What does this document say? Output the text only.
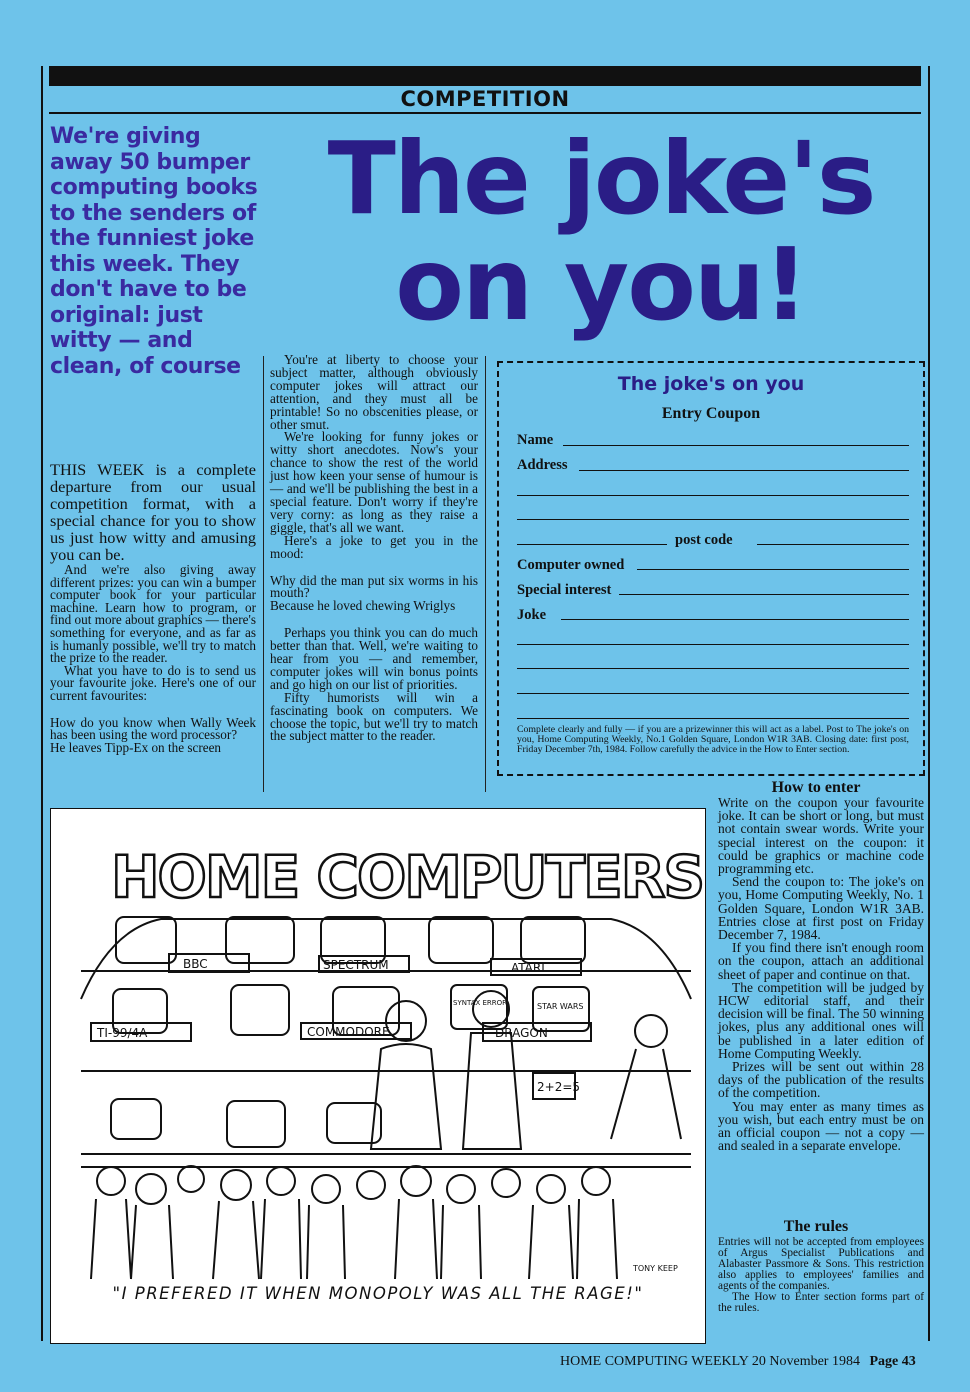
COMPETITION
The joke's
on you!
We're giving away 50 bumper computing books to the senders of the funniest joke this week. They don't have to be original: just witty — and clean, of course

THIS WEEK is a complete departure from our usual competition format, with a special chance for you to show us just how witty and amusing you can be.

And we're also giving away different prizes: you can win a bumper computer book for your particular machine. Learn how to program, or find out more about graphics — there's something for everyone, and as far as is humanly possible, we'll try to match the prize to the reader.

What you have to do is to send us your favourite joke. Here's one of our current favourites:

How do you know when Wally Week has been using the word processor?

He leaves Tipp-Ex on the screen

You're at liberty to choose your subject matter, although obviously computer jokes will attract our attention, and they must all be printable! So no obscenities please, or other smut.

We're looking for funny jokes or witty short anecdotes. Now's your chance to show the rest of the world just how keen your sense of humour is — and we'll be publishing the best in a special feature. Don't worry if they're very corny: as long as they raise a giggle, that's all we want.

Here's a joke to get you in the mood:

Why did the man put six worms in his mouth?

Because he loved chewing Wriglys

Perhaps you think you can do much better than that. Well, we're waiting to hear from you — and remember, computer jokes will win bonus points and go high on our list of priorities.

Fifty humorists will win a fascinating book on computers. We choose the topic, but we'll try to match the subject matter to the reader.

The joke's on you
Entry Coupon
Name
Address
post code
Computer owned
Special interest
Joke
Complete clearly and fully — if you are a prizewinner this will act as a label. Post to The joke's on you, Home Computing Weekly, No.1 Golden Square, London W1R 3AB. Closing date: first post, Friday December 7th, 1984. Follow carefully the advice in the How to Enter section.
How to enter

Write on the coupon your favourite joke. It can be short or long, but must not contain swear words. Write your special interest on the coupon: it could be graphics or machine code programming etc.

Send the coupon to: The joke's on you, Home Computing Weekly, No. 1 Golden Square, London W1R 3AB. Entries close at first post on Friday December 7, 1984.

If you find there isn't enough room on the coupon, attach an additional sheet of paper and continue on that.

The competition will be judged by HCW editorial staff, and their decision will be final. The 50 winning jokes, plus any additional ones will be published in a later edition of Home Computing Weekly.

Prizes will be sent out within 28 days of the publication of the results of the competition.

You may enter as many times as you wish, but each entry must be on an official coupon — not a copy — and sealed in a separate envelope.

The rules

Entries will not be accepted from employees of Argus Specialist Publications and Alabaster Passmore & Sons. This restriction also applies to employees' families and agents of the companies.

The How to Enter section forms part of the rules.

HOME COMPUTERS
BBC	SPECTRUM	ATARI
TI-99/4A	COMMODORE	DRAGON
2+2=5
STAR WARS
SYNTAX ERROR
TONY KEEP
"I PREFERED IT WHEN MONOPOLY WAS ALL THE RAGE!"
HOME COMPUTING WEEKLY 20 November 1984 Page 43
